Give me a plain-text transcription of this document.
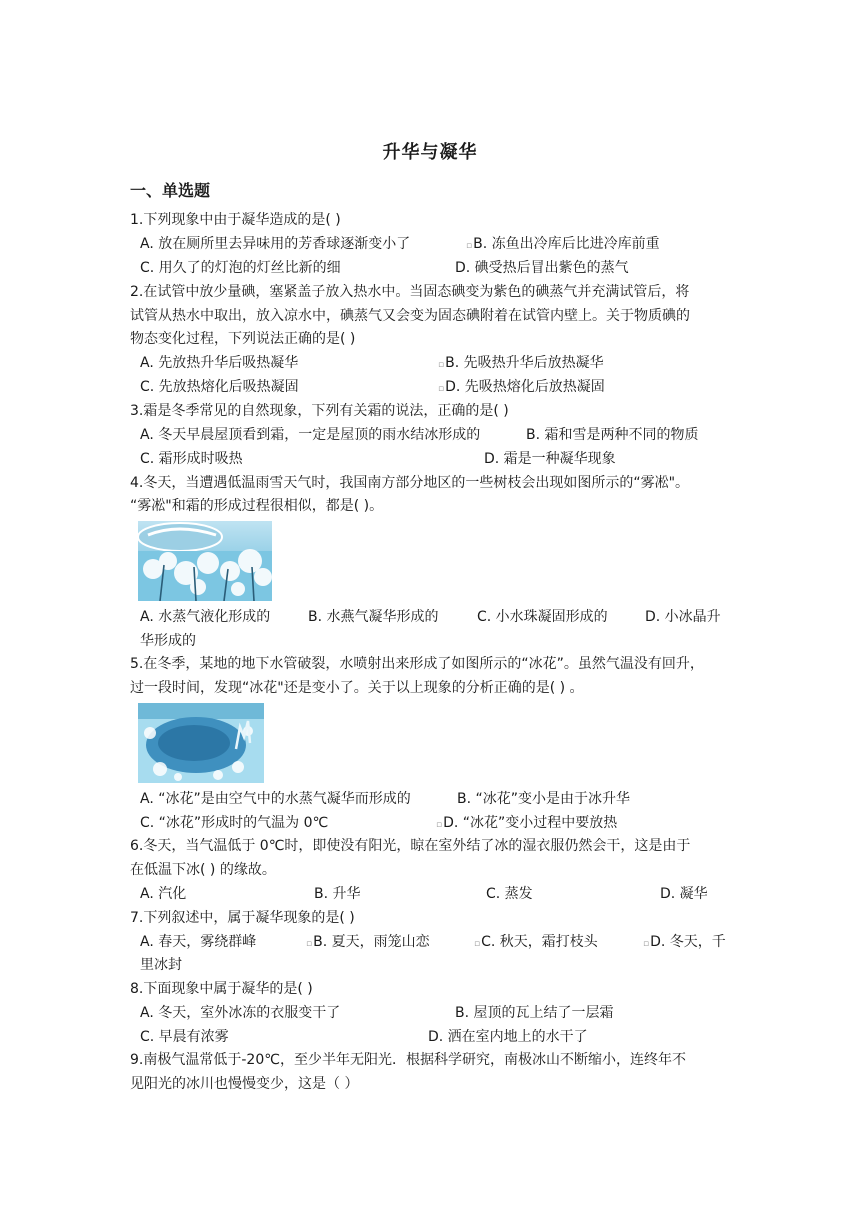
升华与凝华
一、单选题
1.下列现象中由于凝华造成的是( )
A. 放在厕所里去异味用的芳香球逐渐变小了	▫B. 冻鱼出冷库后比进冷库前重
C. 用久了的灯泡的灯丝比新的细	D. 碘受热后冒出紫色的蒸气
2.在试管中放少量碘，塞紧盖子放入热水中。当固态碘变为紫色的碘蒸气并充满试管后，将
试管从热水中取出，放入凉水中，碘蒸气又会变为固态碘附着在试管内壁上。关于物质碘的
物态变化过程，下列说法正确的是( )
A. 先放热升华后吸热凝华	▫B. 先吸热升华后放热凝华
C. 先放热熔化后吸热凝固	▫D. 先吸热熔化后放热凝固
3.霜是冬季常见的自然现象，下列有关霜的说法，正确的是( )
A. 冬天早晨屋顶看到霜，一定是屋顶的雨水结冰形成的	B. 霜和雪是两种不同的物质
C. 霜形成时吸热	D. 霜是一种凝华现象
4.冬天，当遭遇低温雨雪天气时，我国南方部分地区的一些树枝会出现如图所示的“雾凇"。
“雾凇"和霜的形成过程很相似，都是( )。
A. 水蒸气液化形成的	B. 水燕气凝华形成的	C. 小水珠凝固形成的	D. 小冰晶升
华形成的
5.在冬季，某地的地下水管破裂，水喷射出来形成了如图所示的“冰花”。虽然气温没有回升，
过一段时间，发现“冰花"还是变小了。关于以上现象的分析正确的是( ) 。
A. “冰花”是由空气中的水蒸气凝华而形成的	B. “冰花”变小是由于冰升华
C. “冰花”形成时的气温为 0℃	▫D. “冰花”变小过程中要放热
6.冬天，当气温低于 0℃时，即使没有阳光，晾在室外结了冰的湿衣服仍然会干，这是由于
在低温下冰( ) 的缘故。
A. 汽化	B. 升华	C. 蒸发	D. 凝华
7.下列叙述中，属于凝华现象的是( )
A. 春天，雾绕群峰	▫B. 夏天，雨笼山恋	▫C. 秋天，霜打枝头	▫D. 冬天，千
里冰封
8.下面现象中属于凝华的是( )
A. 冬天，室外冰冻的衣服变干了	B. 屋顶的瓦上结了一层霜
C. 早晨有浓雾	D. 洒在室内地上的水干了
9.南极气温常低于-20℃，至少半年无阳光．根据科学研究，南极冰山不断缩小，连终年不
见阳光的冰川也慢慢变少，这是（ ）
